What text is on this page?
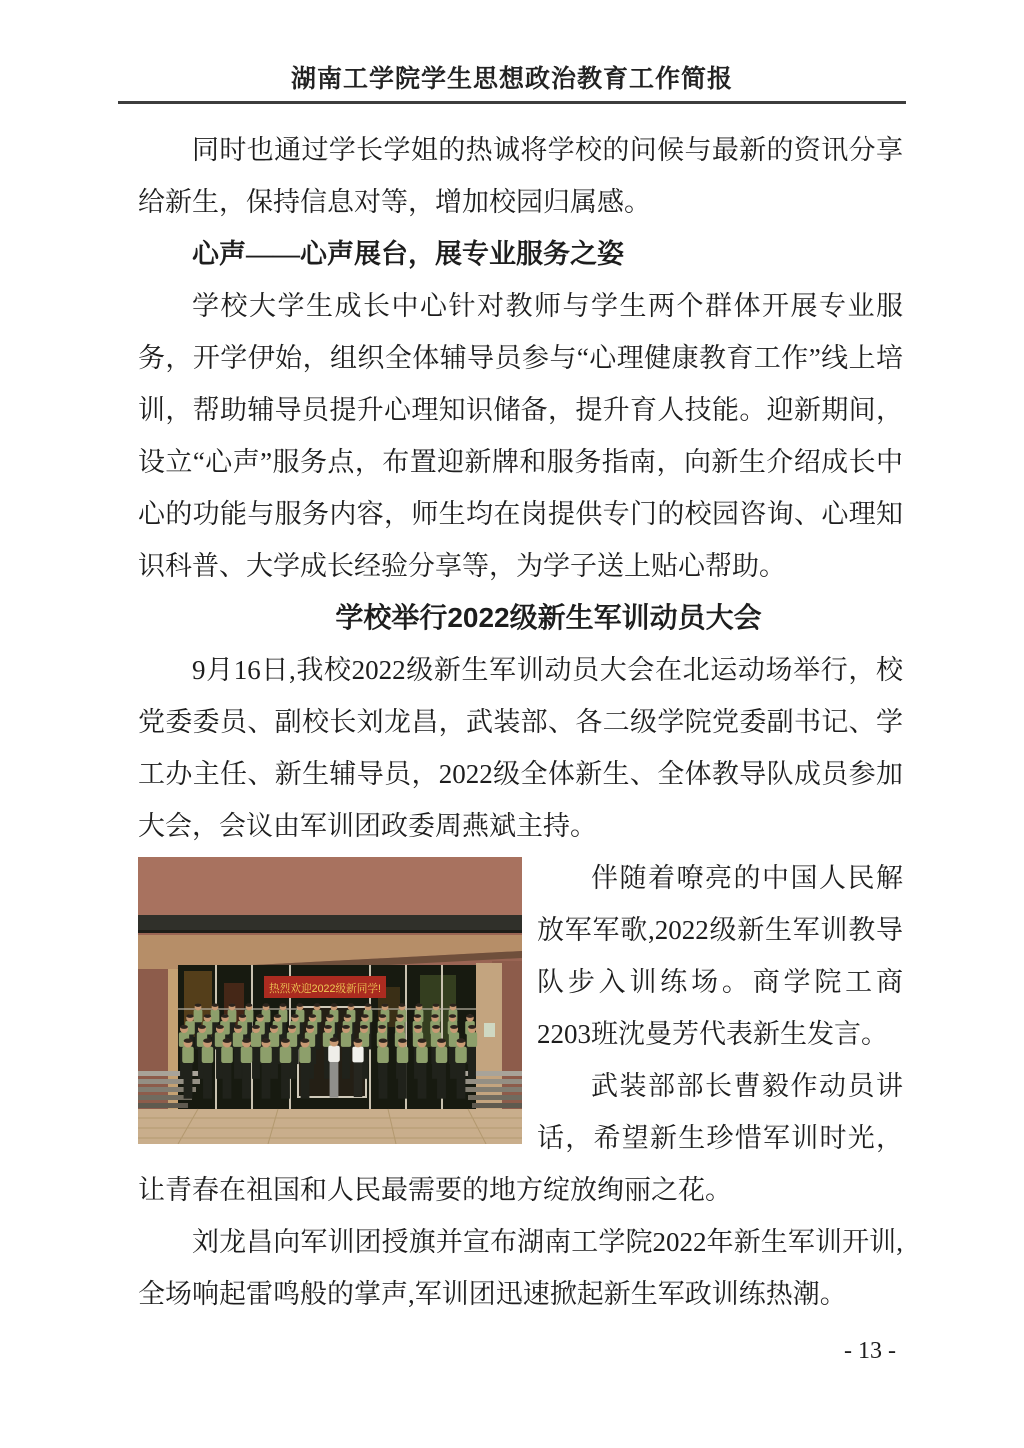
湖南工学院学生思想政治教育工作简报

同时也通过学长学姐的热诚将学校的问候与最新的资讯分享给新生，保持信息对等，增加校园归属感。

心声——心声展台，展专业服务之姿

学校大学生成长中心针对教师与学生两个群体开展专业服务，开学伊始，组织全体辅导员参与“心理健康教育工作”线上培训，帮助辅导员提升心理知识储备，提升育人技能。迎新期间，设立“心声”服务点，布置迎新牌和服务指南，向新生介绍成长中心的功能与服务内容，师生均在岗提供专门的校园咨询、心理知识科普、大学成长经验分享等，为学子送上贴心帮助。

学校举行2022级新生军训动员大会

9月16日,我校2022级新生军训动员大会在北运动场举行，校党委委员、副校长刘龙昌，武装部、各二级学院党委副书记、学工办主任、新生辅导员，2022级全体新生、全体教导队成员参加大会，会议由军训团政委周燕斌主持。

热烈欢迎2022级新同学!

伴随着嘹亮的中国人民解放军军歌,2022级新生军训教导队步入训练场。商学院工商2203班沈曼芳代表新生发言。

武装部部长曹毅作动员讲话，希望新生珍惜军训时光，让青春在祖国和人民最需要的地方绽放绚丽之花。

刘龙昌向军训团授旗并宣布湖南工学院2022年新生军训开训,全场响起雷鸣般的掌声,军训团迅速掀起新生军政训练热潮。

- 13 -
